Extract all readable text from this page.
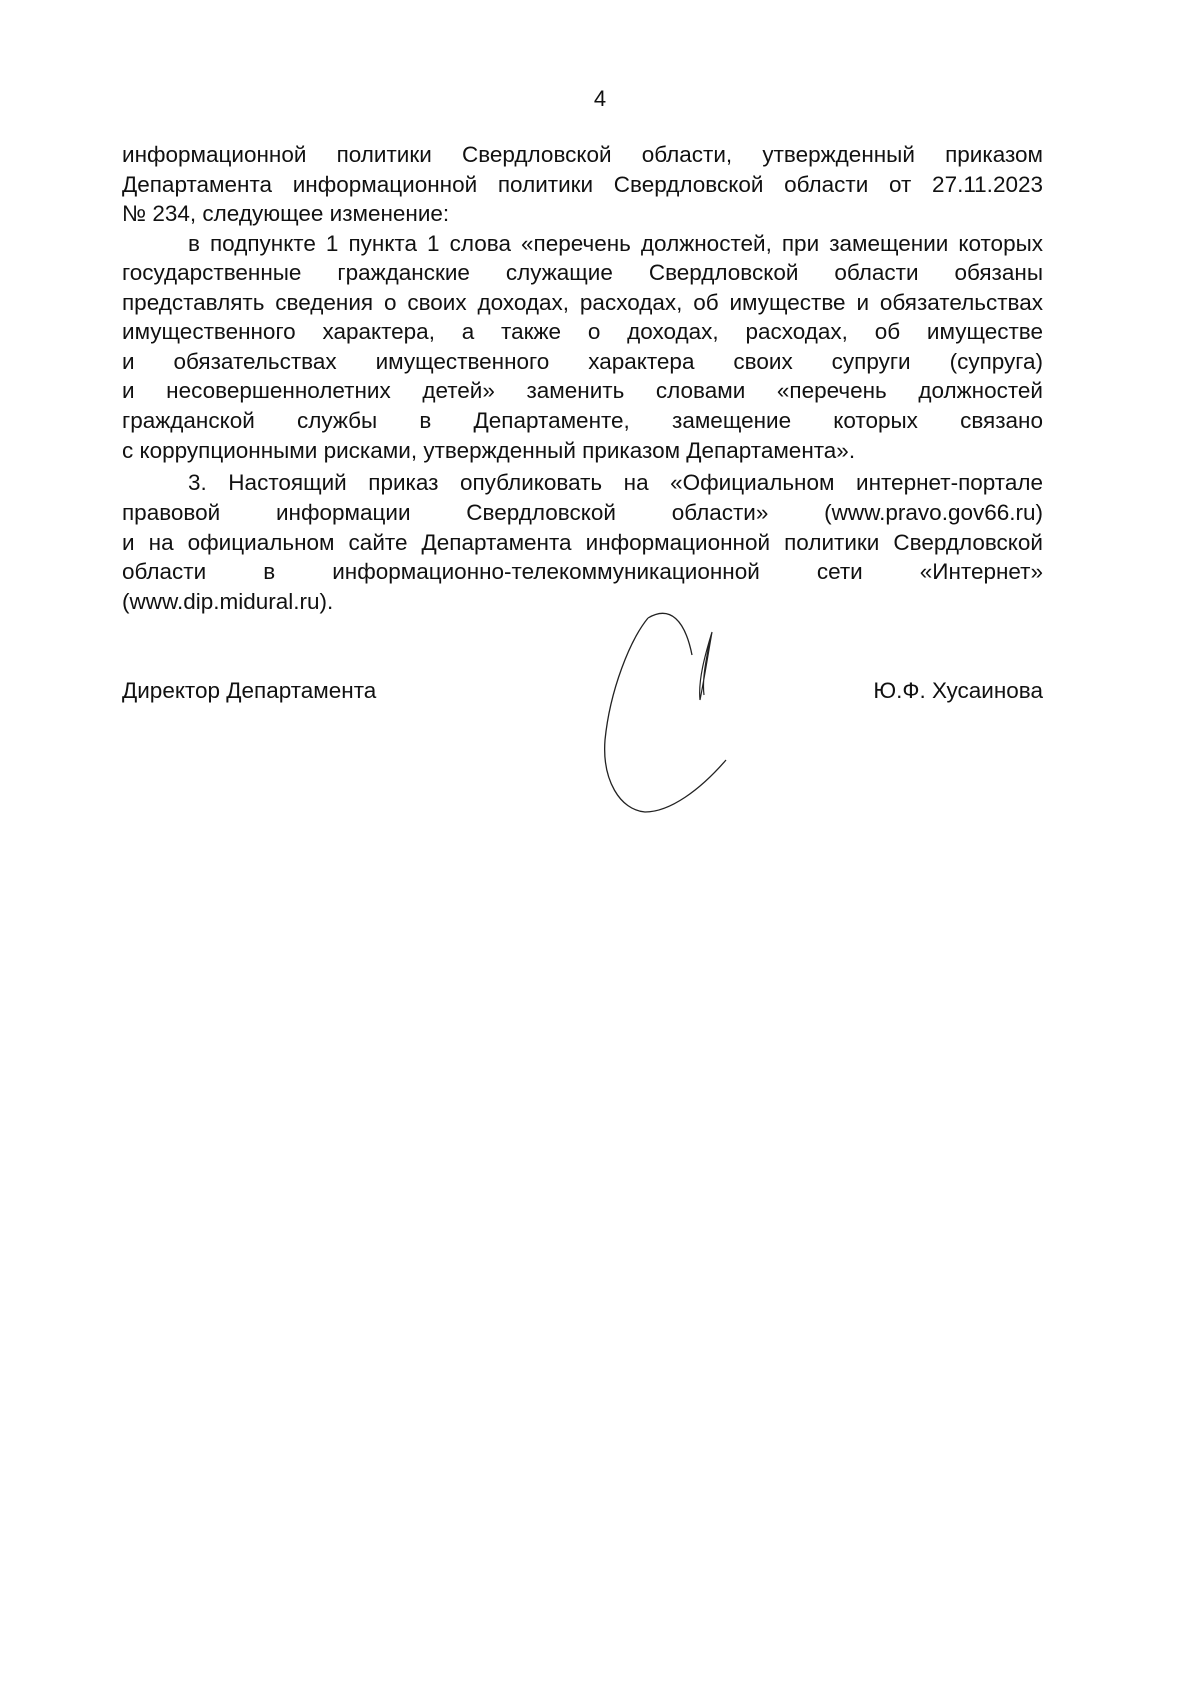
4
информационной политики Свердловской области, утвержденный приказом
Департамента информационной политики Свердловской области от 27.11.2023
№ 234, следующее изменение:
в подпункте 1 пункта 1 слова «перечень должностей, при замещении которых
государственные гражданские служащие Свердловской области обязаны
представлять сведения о своих доходах, расходах, об имуществе и обязательствах
имущественного характера, а также о доходах, расходах, об имуществе
и обязательствах имущественного характера своих супруги (супруга)
и несовершеннолетних детей» заменить словами «перечень должностей
гражданской службы в Департаменте, замещение которых связано
с коррупционными рисками, утвержденный приказом Департамента».
3. Настоящий приказ опубликовать на «Официальном интернет-портале
правовой информации Свердловской области» (www.pravo.gov66.ru)
и на официальном сайте Департамента информационной политики Свердловской
области в информационно-телекоммуникационной сети «Интернет»
(www.dip.midural.ru).
Директор Департамента	Ю.Ф. Хусаинова
